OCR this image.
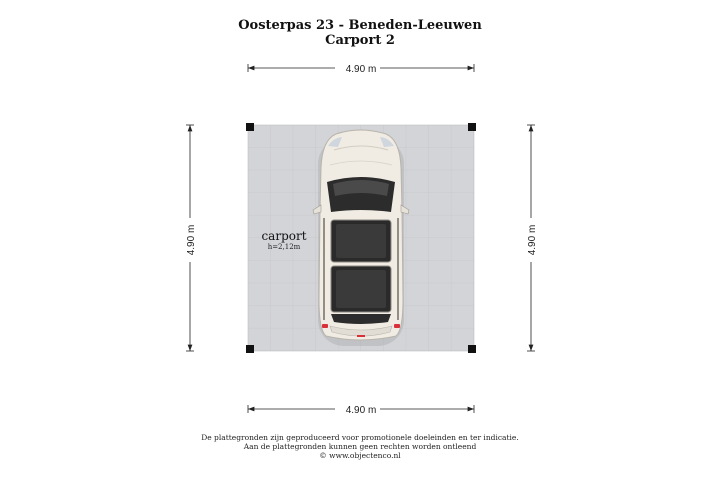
Oosterpas 23 - Beneden-Leeuwen
Carport 2
4.90 m
4.90 m
4.90 m	4.90 m
carport
h=2,12m
De plattegronden zijn geproduceerd voor promotionele doeleinden en ter indicatie.
Aan de plattegronden kunnen geen rechten worden ontleend
© www.objectenco.nl
